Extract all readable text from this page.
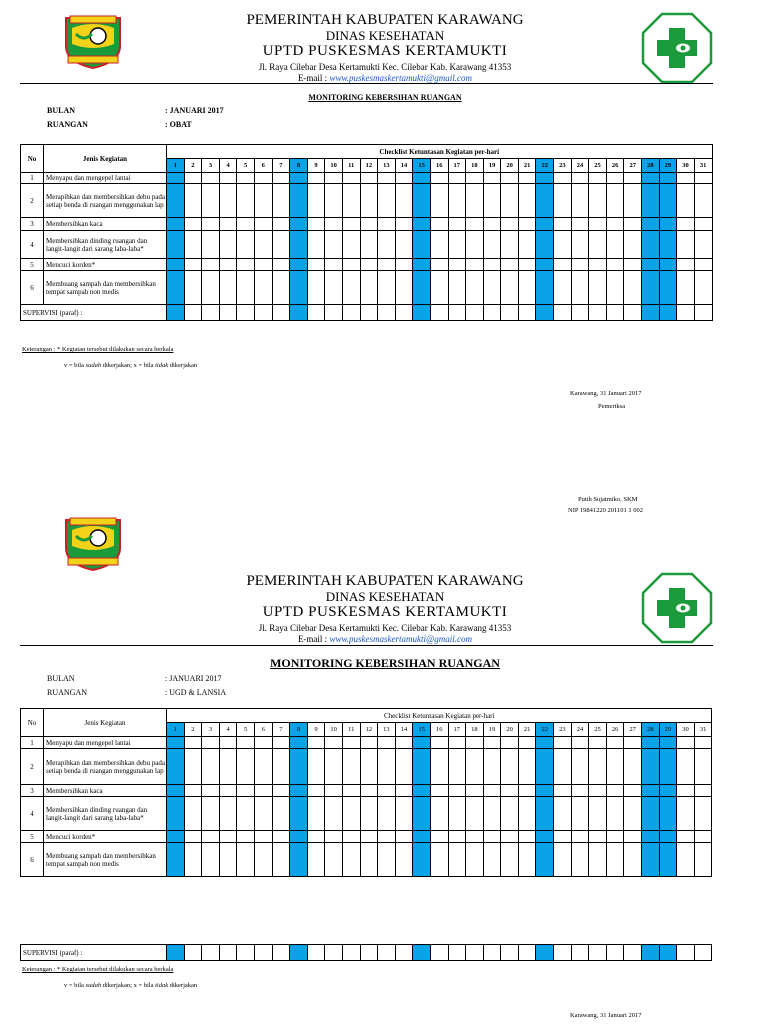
PEMERINTAH KABUPATEN KARAWANG
DINAS KESEHATAN
UPTD PUSKESMAS KERTAMUKTI
Jl. Raya Cilebar Desa Kertamukti Kec. Cilebar Kab. Karawang 41353
E-mail : www.puskesmaskertamukti@gmail.com
MONITORING KEBERSIHAN RUANGAN
BULAN	: JANUARI 2017
RUANGAN	: OBAT
No	Jenis Kegiatan	Checklist Ketuntasan Kegiatan per-hari																														
		1	2	3	4	5	6	7	8	9	10	11	12	13	14	15	16	17	18	19	20	21	22	23	24	25	26	27	28	29	30	31
1	Menyapu dan mengepel lantai																															
2	Merapihkan dan membersihkan debu pada setiap benda di ruangan menggunakan lap																															
3	Membersihkan kaca																															
4	Membersihkan dinding ruangan dan langit-langit dari sarang laba-laba*																															
5	Mencuci korden*																															
6	Membuang sampah dan membersihkan tempat sampah non medis																															
SUPERVISI (paraf) :																																
Keterangan : * Kegiatan tersebut dilakukan secara berkala
v = bila sudah dikerjakan; x = bila tidak dikerjakan
Karawang, 31 Januari 2017
Pemeriksa
Putih Sujatmiko, SKM
NIP 19841220 201101 1 002
PEMERINTAH KABUPATEN KARAWANG
DINAS KESEHATAN
UPTD PUSKESMAS KERTAMUKTI
Jl. Raya Cilebar Desa Kertamukti Kec. Cilebar Kab. Karawang 41353
E-mail : www.puskesmaskertamukti@gmail.com
MONITORING KEBERSIHAN RUANGAN
BULAN	: JANUARI 2017
RUANGAN	: UGD & LANSIA
No	Jenis Kegiatan	Checklist Ketuntasan Kegiatan per-hari																														
		1	2	3	4	5	6	7	8	9	10	11	12	13	14	15	16	17	18	19	20	21	22	23	24	25	26	27	28	29	30	31
1	Menyapu dan mengepel lantai																															
2	Merapihkan dan membersihkan debu pada setiap benda di ruangan menggunakan lap																															
3	Membersihkan kaca																															
4	Membersihkan dinding ruangan dan langit-langit dari sarang laba-laba*																															
5	Mencuci korden*																															
6	Membuang sampah dan membersihkan tempat sampah non medis																															
SUPERVISI (paraf) :																															
Keterangan : * Kegiatan tersebut dilakukan secara berkala
v = bila sudah dikerjakan; x = bila tidak dikerjakan
Karawang, 31 Januari 2017
